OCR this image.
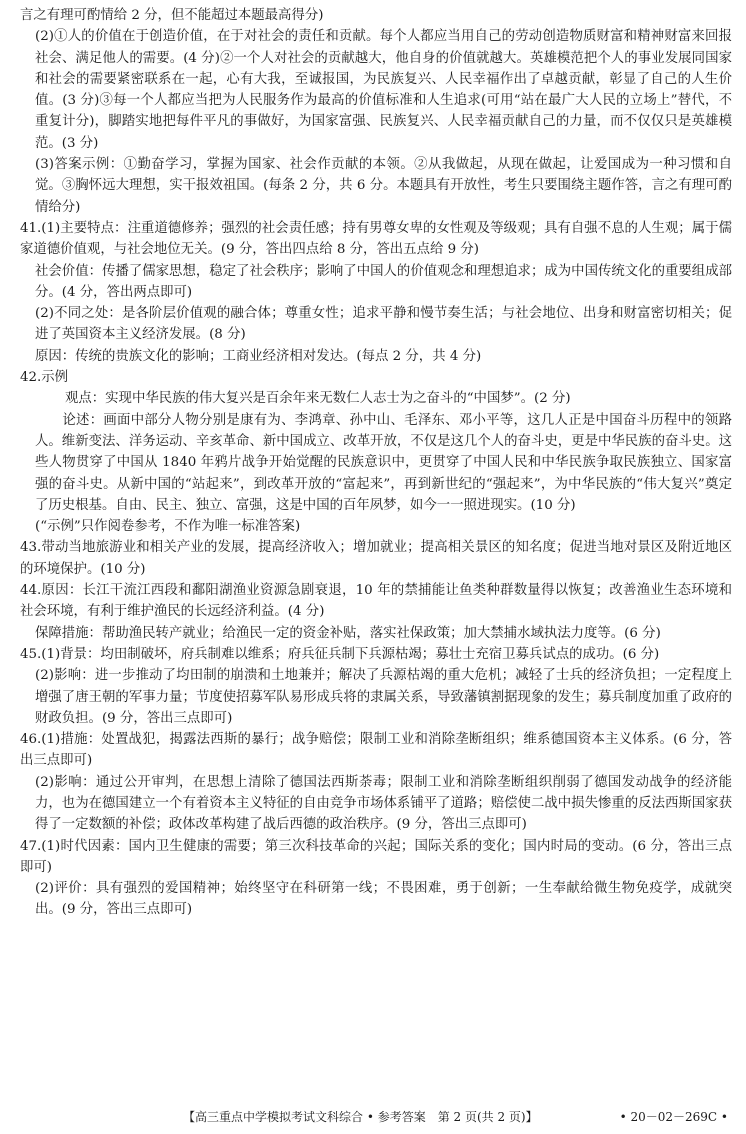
言之有理可酌情给 2 分，但不能超过本题最高得分)
(2)①人的价值在于创造价值，在于对社会的责任和贡献。每个人都应当用自己的劳动创造物质财富和精神财富来回报社会、满足他人的需要。(4 分)②一个人对社会的贡献越大，他自身的价值就越大。英雄模范把个人的事业发展同国家和社会的需要紧密联系在一起，心有大我，至诚报国，为民族复兴、人民幸福作出了卓越贡献，彰显了自己的人生价值。(3 分)③每一个人都应当把为人民服务作为最高的价值标准和人生追求(可用“站在最广大人民的立场上”替代，不重复计分)，脚踏实地把每件平凡的事做好，为国家富强、民族复兴、人民幸福贡献自己的力量，而不仅仅只是英雄模范。(3 分)
(3)答案示例：①勤奋学习，掌握为国家、社会作贡献的本领。②从我做起，从现在做起，让爱国成为一种习惯和自觉。③胸怀远大理想，实干报效祖国。(每条 2 分，共 6 分。本题具有开放性，考生只要围绕主题作答，言之有理可酌情给分)
41.(1)主要特点：注重道德修养；强烈的社会责任感；持有男尊女卑的女性观及等级观；具有自强不息的人生观；属于儒家道德价值观，与社会地位无关。(9 分，答出四点给 8 分，答出五点给 9 分)
社会价值：传播了儒家思想，稳定了社会秩序；影响了中国人的价值观念和理想追求；成为中国传统文化的重要组成部分。(4 分，答出两点即可)
(2)不同之处：是各阶层价值观的融合体；尊重女性；追求平静和慢节奏生活；与社会地位、出身和财富密切相关；促进了英国资本主义经济发展。(8 分)
原因：传统的贵族文化的影响；工商业经济相对发达。(每点 2 分，共 4 分)
42.示例
观点：实现中华民族的伟大复兴是百余年来无数仁人志士为之奋斗的“中国梦”。(2 分)
　　论述：画面中部分人物分别是康有为、李鸿章、孙中山、毛泽东、邓小平等，这几人正是中国奋斗历程中的领路人。维新变法、洋务运动、辛亥革命、新中国成立、改革开放，不仅是这几个人的奋斗史，更是中华民族的奋斗史。这些人物贯穿了中国从 1840 年鸦片战争开始觉醒的民族意识中，更贯穿了中国人民和中华民族争取民族独立、国家富强的奋斗史。从新中国的“站起来”，到改革开放的“富起来”，再到新世纪的“强起来”，为中华民族的“伟大复兴”奠定了历史根基。自由、民主、独立、富强，这是中国的百年夙梦，如今一一照进现实。(10 分)
(“示例”只作阅卷参考，不作为唯一标准答案)
43.带动当地旅游业和相关产业的发展，提高经济收入；增加就业；提高相关景区的知名度；促进当地对景区及附近地区的环境保护。(10 分)
44.原因：长江干流江西段和鄱阳湖渔业资源急剧衰退，10 年的禁捕能让鱼类种群数量得以恢复；改善渔业生态环境和社会环境，有利于维护渔民的长远经济利益。(4 分)
保障措施：帮助渔民转产就业；给渔民一定的资金补贴，落实社保政策；加大禁捕水域执法力度等。(6 分)
45.(1)背景：均田制破坏，府兵制难以维系；府兵征兵制下兵源枯竭；募壮士充宿卫募兵试点的成功。(6 分)
(2)影响：进一步推动了均田制的崩溃和土地兼并；解决了兵源枯竭的重大危机；减轻了士兵的经济负担；一定程度上增强了唐王朝的军事力量；节度使招募军队易形成兵将的隶属关系，导致藩镇割据现象的发生；募兵制度加重了政府的财政负担。(9 分，答出三点即可)
46.(1)措施：处置战犯，揭露法西斯的暴行；战争赔偿；限制工业和消除垄断组织；维系德国资本主义体系。(6 分，答出三点即可)
(2)影响：通过公开审判，在思想上清除了德国法西斯荼毒；限制工业和消除垄断组织削弱了德国发动战争的经济能力，也为在德国建立一个有着资本主义特征的自由竞争市场体系铺平了道路；赔偿使二战中损失惨重的反法西斯国家获得了一定数额的补偿；政体改革构建了战后西德的政治秩序。(9 分，答出三点即可)
47.(1)时代因素：国内卫生健康的需要；第三次科技革命的兴起；国际关系的变化；国内时局的变动。(6 分，答出三点即可)
(2)评价：具有强烈的爱国精神；始终坚守在科研第一线；不畏困难，勇于创新；一生奉献给微生物免疫学，成就突出。(9 分，答出三点即可)
【高三重点中学模拟考试文科综合 • 参考答案　第 2 页(共 2 页)】	• 20－02－269C •
